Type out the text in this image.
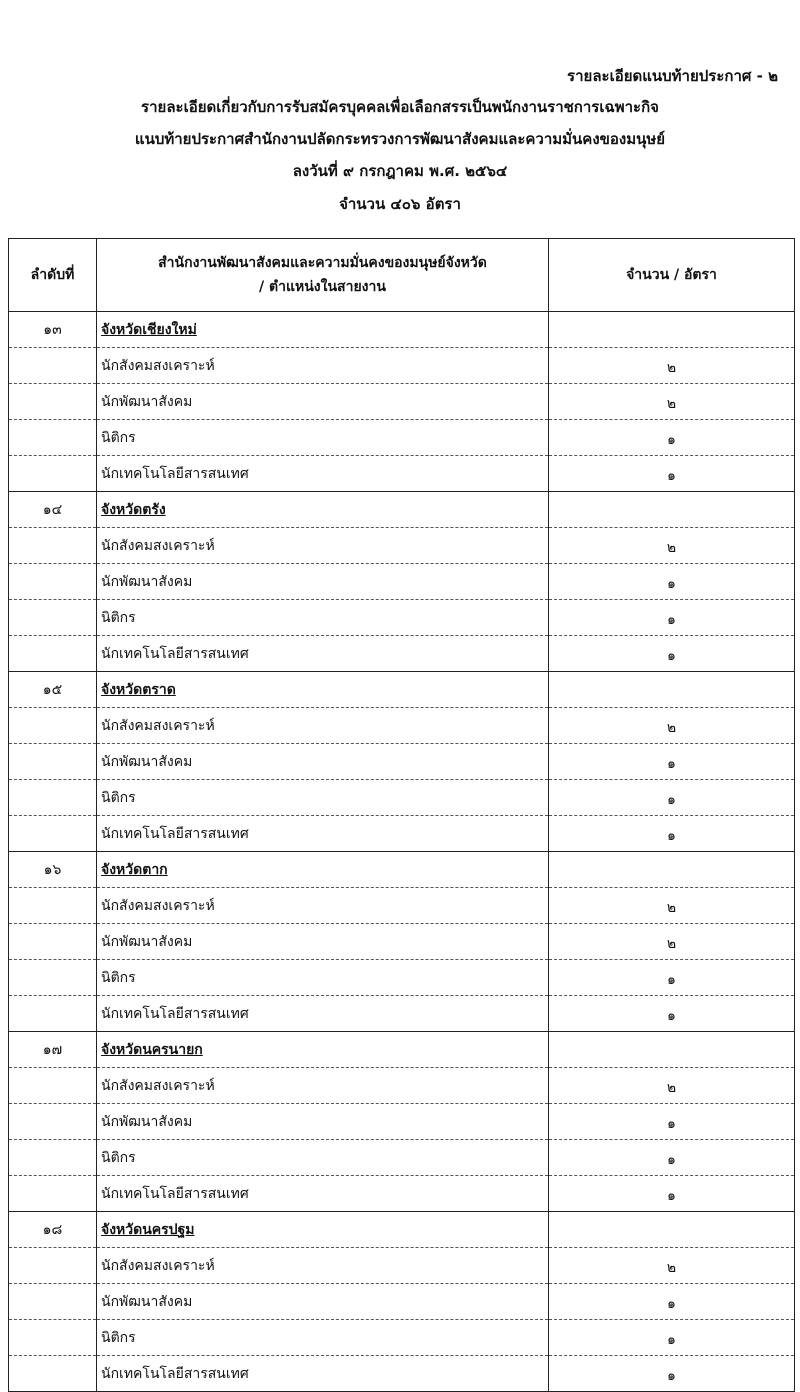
รายละเอียดแนบท้ายประกาศ - ๒
รายละเอียดเกี่ยวกับการรับสมัครบุคคลเพื่อเลือกสรรเป็นพนักงานราชการเฉพาะกิจ
แนบท้ายประกาศสำนักงานปลัดกระทรวงการพัฒนาสังคมและความมั่นคงของมนุษย์
ลงวันที่ ๙ กรกฎาคม พ.ศ. ๒๕๖๔
จำนวน ๔๐๖ อัตรา
ลำดับที่	สำนักงานพัฒนาสังคมและความมั่นคงของมนุษย์จังหวัด
/ ตำแหน่งในสายงาน	จำนวน / อัตรา
๑๓	จังหวัดเชียงใหม่	
	นักสังคมสงเคราะห์	๒
	นักพัฒนาสังคม	๒
	นิติกร	๑
	นักเทคโนโลยีสารสนเทศ	๑
๑๔	จังหวัดตรัง	
	นักสังคมสงเคราะห์	๒
	นักพัฒนาสังคม	๑
	นิติกร	๑
	นักเทคโนโลยีสารสนเทศ	๑
๑๕	จังหวัดตราด	
	นักสังคมสงเคราะห์	๒
	นักพัฒนาสังคม	๑
	นิติกร	๑
	นักเทคโนโลยีสารสนเทศ	๑
๑๖	จังหวัดตาก	
	นักสังคมสงเคราะห์	๒
	นักพัฒนาสังคม	๒
	นิติกร	๑
	นักเทคโนโลยีสารสนเทศ	๑
๑๗	จังหวัดนครนายก	
	นักสังคมสงเคราะห์	๒
	นักพัฒนาสังคม	๑
	นิติกร	๑
	นักเทคโนโลยีสารสนเทศ	๑
๑๘	จังหวัดนครปฐม	
	นักสังคมสงเคราะห์	๒
	นักพัฒนาสังคม	๑
	นิติกร	๑
	นักเทคโนโลยีสารสนเทศ	๑
